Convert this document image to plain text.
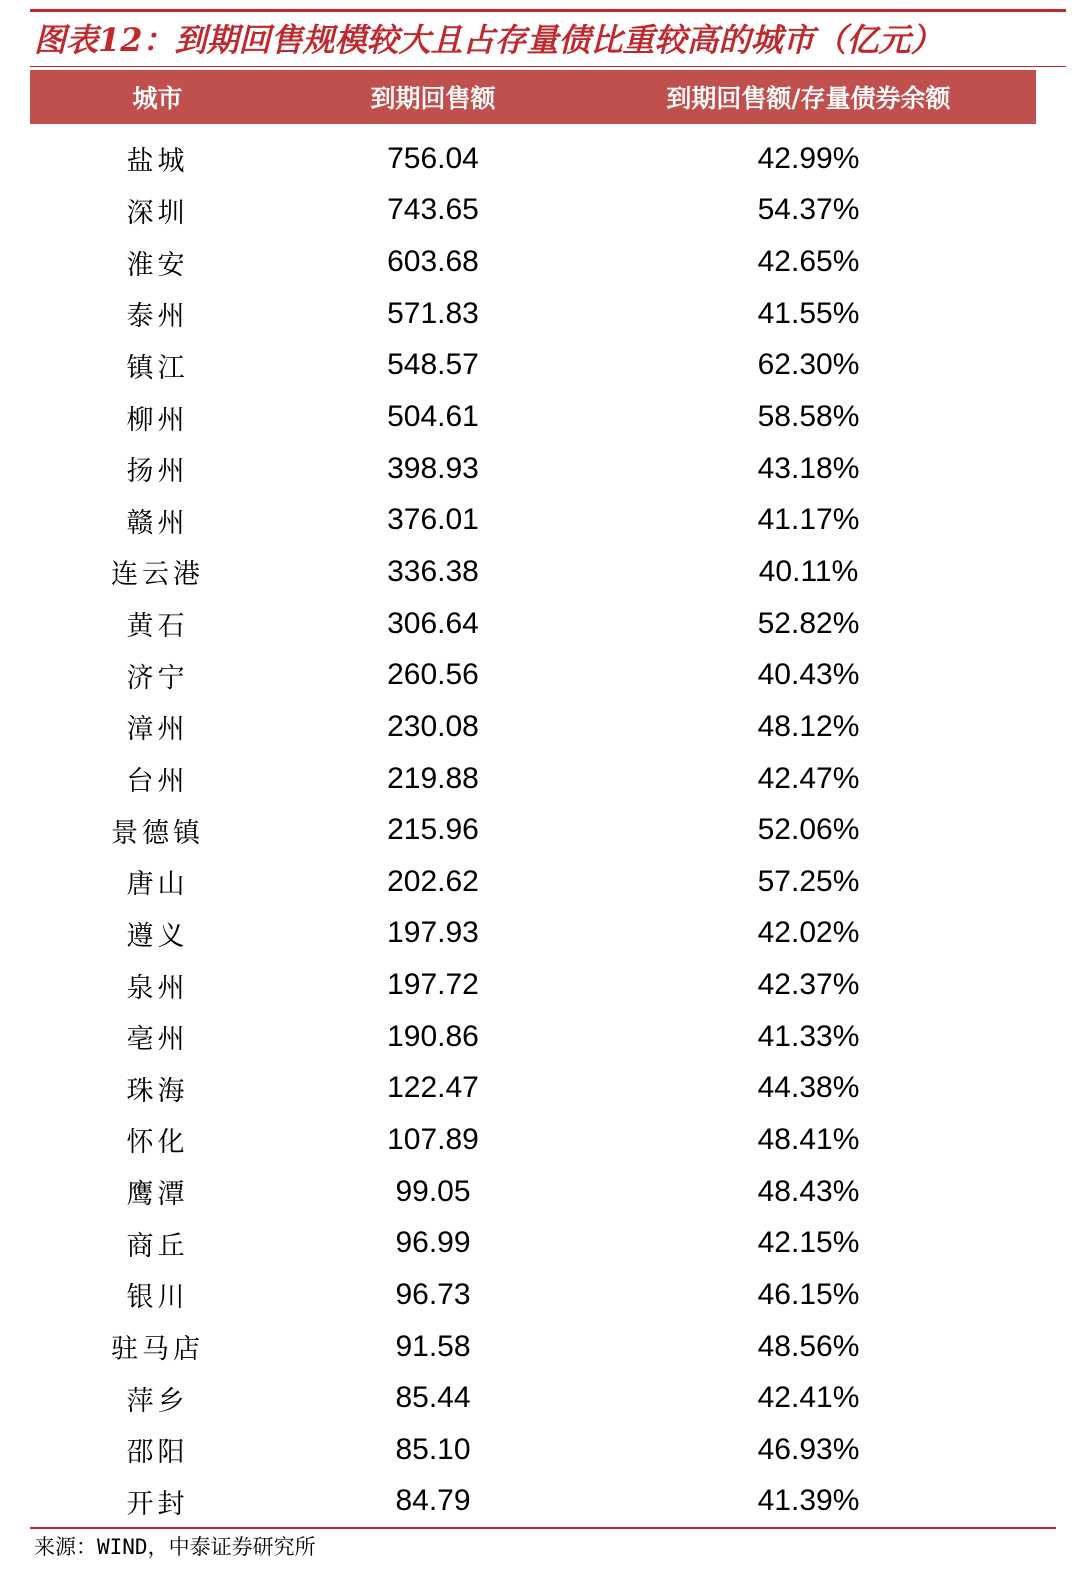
图表12：到期回售规模较大且占存量债比重较高的城市（亿元）
城市	到期回售额	到期回售额/存量债券余额
盐城	756.04	42.99%
深圳	743.65	54.37%
淮安	603.68	42.65%
泰州	571.83	41.55%
镇江	548.57	62.30%
柳州	504.61	58.58%
扬州	398.93	43.18%
赣州	376.01	41.17%
连云港	336.38	40.11%
黄石	306.64	52.82%
济宁	260.56	40.43%
漳州	230.08	48.12%
台州	219.88	42.47%
景德镇	215.96	52.06%
唐山	202.62	57.25%
遵义	197.93	42.02%
泉州	197.72	42.37%
亳州	190.86	41.33%
珠海	122.47	44.38%
怀化	107.89	48.41%
鹰潭	99.05	48.43%
商丘	96.99	42.15%
银川	96.73	46.15%
驻马店	91.58	48.56%
萍乡	85.44	42.41%
邵阳	85.10	46.93%
开封	84.79	41.39%
来源：WIND，中泰证券研究所
